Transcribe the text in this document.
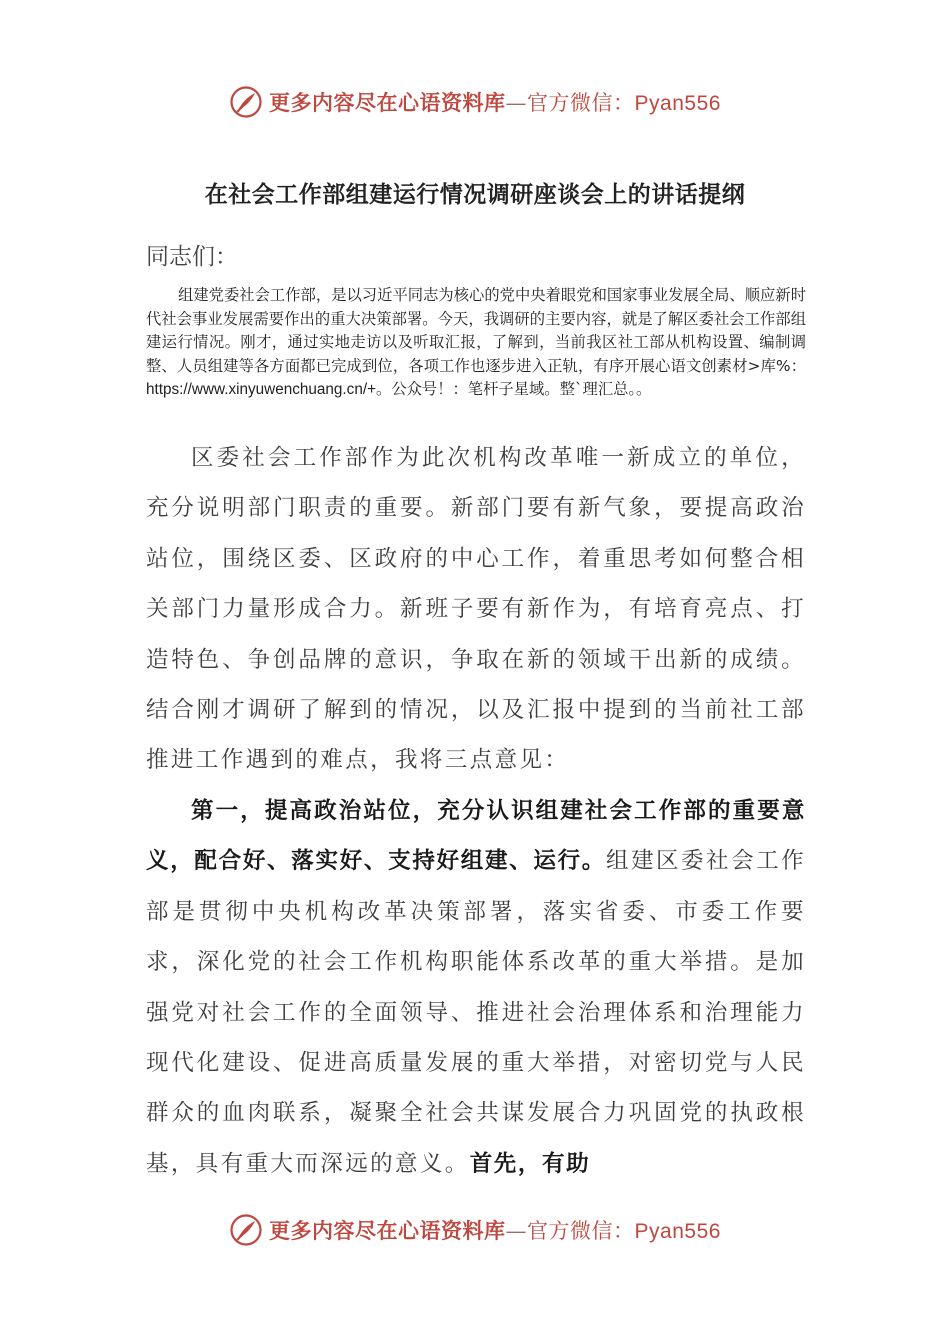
更多内容尽在心语资料库—官方微信：Pyan556
在社会工作部组建运行情况调研座谈会上的讲话提纲
同志们：
组建党委社会工作部，是以习近平同志为核心的党中央着眼党和国家事业发展全局、顺应新时代社会事业发展需要作出的重大决策部署。今天，我调研的主要内容，就是了解区委社会工作部组建运行情况。刚才，通过实地走访以及听取汇报，了解到，当前我区社工部从机构设置、编制调整、人员组建等各方面都已完成到位，各项工作也逐步进入正轨，有序开展心语文创素材>库%：https://www.xinyuwenchuang.cn/+。公众号！：笔杆子星域。整`理汇总。。

区委社会工作部作为此次机构改革唯一新成立的单位，充分说明部门职责的重要。新部门要有新气象，要提高政治站位，围绕区委、区政府的中心工作，着重思考如何整合相关部门力量形成合力。新班子要有新作为，有培育亮点、打造特色、争创品牌的意识，争取在新的领域干出新的成绩。结合刚才调研了解到的情况，以及汇报中提到的当前社工部推进工作遇到的难点，我将三点意见：

第一，提高政治站位，充分认识组建社会工作部的重要意义，配合好、落实好、支持好组建、运行。组建区委社会工作部是贯彻中央机构改革决策部署，落实省委、市委工作要求，深化党的社会工作机构职能体系改革的重大举措。是加强党对社会工作的全面领导、推进社会治理体系和治理能力现代化建设、促进高质量发展的重大举措，对密切党与人民群众的血肉联系，凝聚全社会共谋发展合力巩固党的执政根基，具有重大而深远的意义。首先，有助

更多内容尽在心语资料库—官方微信：Pyan556
